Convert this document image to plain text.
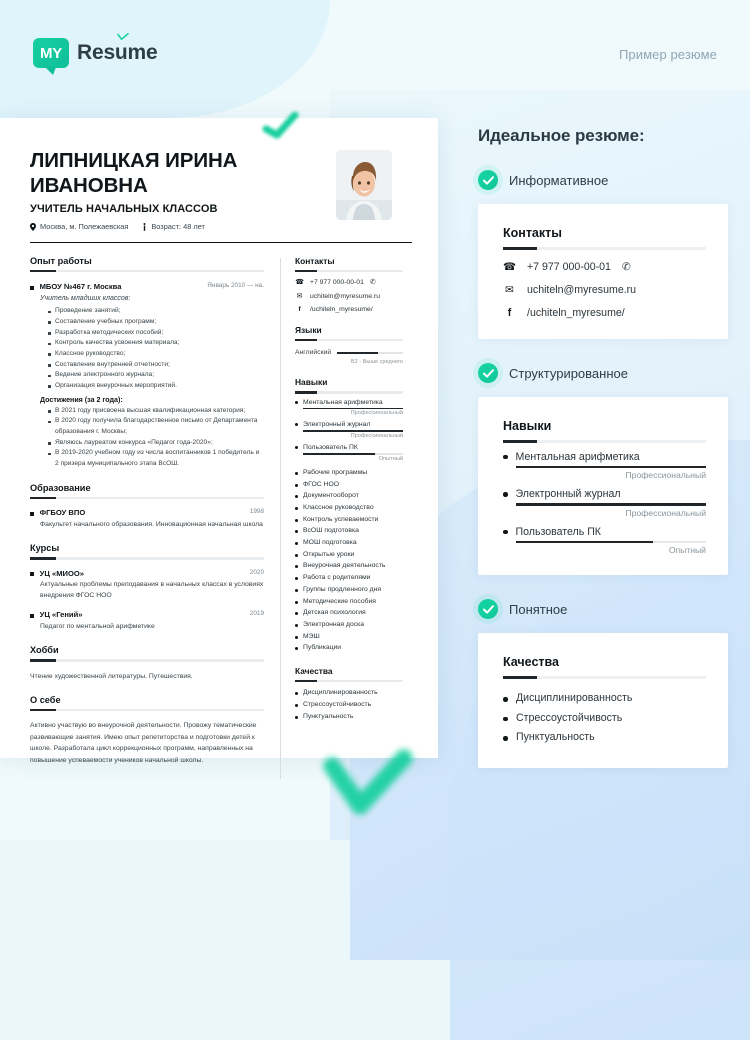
MY Resume	Пример резюме
ЛИПНИЦКАЯ ИРИНА ИВАНОВНА
УЧИТЕЛЬ НАЧАЛЬНЫХ КЛАССОВ
Москва, м. Полежаевская	Возраст: 48 лет
Опыт работы
МБОУ №467 г. Москва	Январь 2010 — на.
Учитель младших классов:
Проведение занятий;
Составление учебных программ;
Разработка методических пособий;
Контроль качества усвоения материала;
Классное руководство;
Составление внутренней отчетности;
Ведение электронного журнала;
Организация внеурочных мероприятий.
Достижения (за 2 года):
В 2021 году присвоена высшая квалификационная категория;
В 2020 году получила благодарственное письмо от Департамента образования г. Москвы;
Являюсь лауреатом конкурса «Педагог года-2020»;
В 2019-2020 учебном году из числа воспитанников 1 победитель и 2 призера муниципального этапа ВсОШ.
Образование
ФГБОУ ВПО	1998
Факультет начального образования. Инновационная начальная школа
Курсы
УЦ «МИОО»	2020
Актуальные проблемы преподавания в начальных классах в условиях внедрения ФГОС НОО
УЦ «Гений»	2019
Педагог по ментальной арифметике
Хобби
Чтение художественной литературы. Путешествия.
О себе
Активно участвую во внеурочной деятельности. Провожу тематические развивающие занятия. Имею опыт репетиторства и подготовки детей к школе. Разработала цикл коррекционных программ, направленных на повышение успеваемости учеников начальной школы.
Контакты
☎ +7 977 000-00-01 ✆
✉ uchiteln@myresume.ru
f	/uchiteln_myresume/
Языки
Английский
B2 - Выше среднего
Навыки
Ментальная арифметика
Профессиональный
Электронный журнал
Профессиональный
Пользователь ПК
Опытный
Рабочие программы
ФГОС НОО
Документооборот
Классное руководство
Контроль успеваемости
ВсОШ подготовка
МОШ подготовка
Открытые уроки
Внеурочная деятельность
Работа с родителями
Группы продленного дня
Методические пособия
Детская психология
Электронная доска
МЭШ
Публикации
Качества
Дисциплинированность
Стрессоустойчивость
Пунктуальность
Идеальное резюме:
Информативное
Контакты
☎ +7 977 000-00-01 ✆
✉ uchiteln@myresume.ru
f	/uchiteln_myresume/
Структурированное
Навыки
Ментальная арифметика
Профессиональный
Электронный журнал
Профессиональный
Пользователь ПК
Опытный
Понятное
Качества
Дисциплинированность
Стрессоустойчивость
Пунктуальность
